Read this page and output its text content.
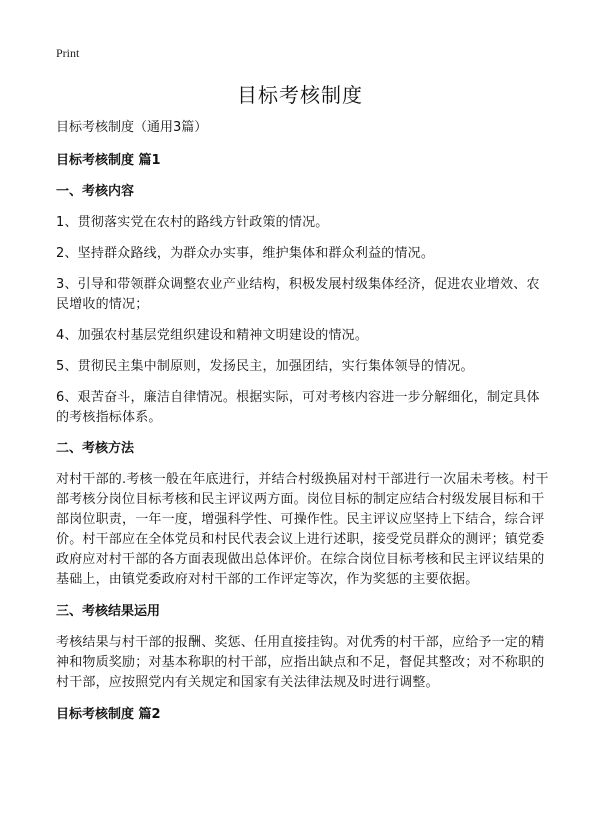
Print
目标考核制度

目标考核制度（通用3篇）

目标考核制度 篇1

一、考核内容

1、贯彻落实党在农村的路线方针政策的情况。

2、坚持群众路线，为群众办实事，维护集体和群众利益的情况。

3、引导和带领群众调整农业产业结构，积极发展村级集体经济，促进农业增效、农民增收的情况；

4、加强农村基层党组织建设和精神文明建设的情况。

5、贯彻民主集中制原则，发扬民主，加强团结，实行集体领导的情况。

6、艰苦奋斗，廉洁自律情况。根据实际，可对考核内容进一步分解细化，制定具体的考核指标体系。

二、考核方法

对村干部的.考核一般在年底进行，并结合村级换届对村干部进行一次届未考核。村干部考核分岗位目标考核和民主评议两方面。岗位目标的制定应结合村级发展目标和干部岗位职责，一年一度，增强科学性、可操作性。民主评议应坚持上下结合，综合评价。村干部应在全体党员和村民代表会议上进行述职，接受党员群众的测评；镇党委政府应对村干部的各方面表现做出总体评价。在综合岗位目标考核和民主评议结果的基础上，由镇党委政府对村干部的工作评定等次，作为奖惩的主要依据。

三、考核结果运用

考核结果与村干部的报酬、奖惩、任用直接挂钩。对优秀的村干部，应给予一定的精神和物质奖励；对基本称职的村干部，应指出缺点和不足，督促其整改；对不称职的村干部，应按照党内有关规定和国家有关法律法规及时进行调整。

目标考核制度 篇2
